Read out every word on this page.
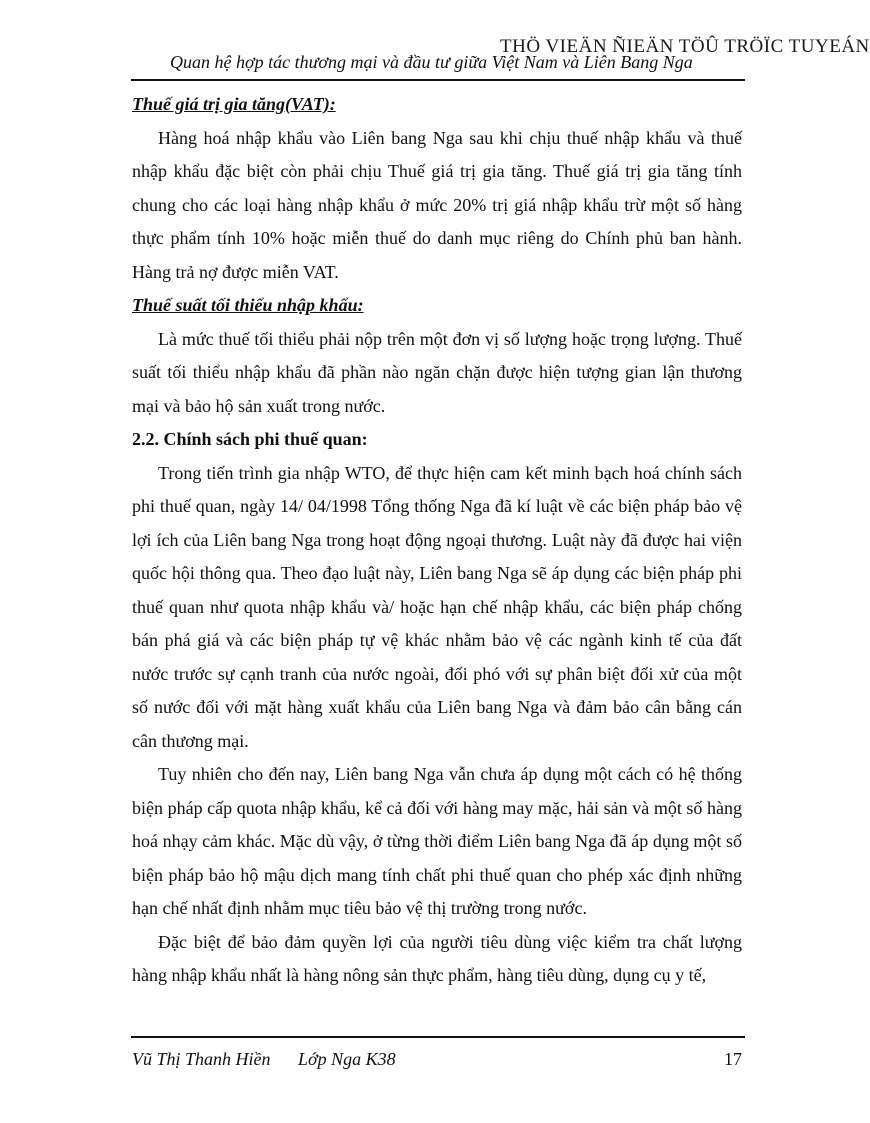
THÖ VIEÄN ÑIEÄN TÖÛ TRÖÏC TUYEÁN
Quan hệ hợp tác thương mại và đầu tư giữa Việt Nam và Liên Bang Nga
Thuế giá trị gia tăng(VAT):

Hàng hoá nhập khẩu vào Liên bang Nga sau khi chịu thuế nhập khẩu và thuế nhập khẩu đặc biệt còn phải chịu Thuế giá trị gia tăng. Thuế giá trị gia tăng tính chung cho các loại hàng nhập khẩu ở mức 20% trị giá nhập khẩu trừ một số hàng thực phẩm tính 10% hoặc miễn thuế do danh mục riêng do Chính phủ ban hành. Hàng trả nợ được miễn VAT.

Thuế suất tối thiểu nhập khẩu:

Là mức thuế tối thiểu phải nộp trên một đơn vị số lượng hoặc trọng lượng. Thuế suất tối thiểu nhập khẩu đã phần nào ngăn chặn được hiện tượng gian lận thương mại và bảo hộ sản xuất trong nước.

2.2. Chính sách phi thuế quan:

Trong tiến trình gia nhập WTO, để thực hiện cam kết minh bạch hoá chính sách phi thuế quan, ngày 14/ 04/1998 Tổng thống Nga đã kí luật về các biện pháp bảo vệ lợi ích của Liên bang Nga trong hoạt động ngoại thương. Luật này đã được hai viện quốc hội thông qua. Theo đạo luật này, Liên bang Nga sẽ áp dụng các biện pháp phi thuế quan như quota nhập khẩu và/ hoặc hạn chế nhập khẩu, các biện pháp chống bán phá giá và các biện pháp tự vệ khác nhằm bảo vệ các ngành kinh tế của đất nước trước sự cạnh tranh của nước ngoài, đối phó với sự phân biệt đối xử của một số nước đối với mặt hàng xuất khẩu của Liên bang Nga và đảm bảo cân bằng cán cân thương mại.

Tuy nhiên cho đến nay, Liên bang Nga vẫn chưa áp dụng một cách có hệ thống biện pháp cấp quota nhập khẩu, kể cả đối với hàng may mặc, hải sản và một số hàng hoá nhạy cảm khác. Mặc dù vậy, ở từng thời điểm Liên bang Nga đã áp dụng một số biện pháp bảo hộ mậu dịch mang tính chất phi thuế quan cho phép xác định những hạn chế nhất định nhằm mục tiêu bảo vệ thị trường trong nước.

Đặc biệt để bảo đảm quyền lợi của người tiêu dùng việc kiểm tra chất lượng hàng nhập khẩu nhất là hàng nông sản thực phẩm, hàng tiêu dùng, dụng cụ y tế,

Vũ Thị Thanh Hiền Lớp Nga K38	17
